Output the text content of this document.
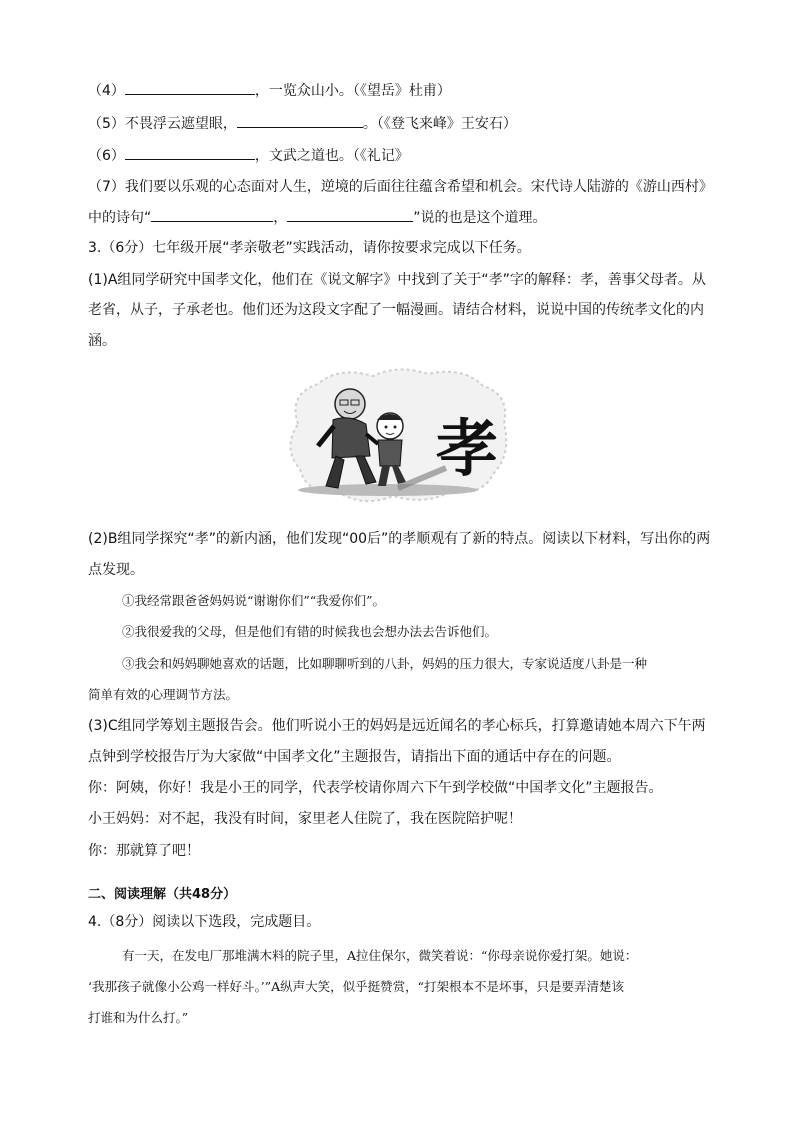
（4）	，一览众山小。（《望岳》杜甫）
（5）不畏浮云遮望眼，	。（《登飞来峰》王安石）
（6）	，文武之道也。（《礼记》
（7）我们要以乐观的心态面对人生，逆境的后面往往蕴含希望和机会。宋代诗人陆游的《游山西村》
中的诗句“	，	”说的也是这个道理。
3.（6分）七年级开展“孝亲敬老”实践活动，请你按要求完成以下任务。
(1)A组同学研究中国孝文化，他们在《说文解字》中找到了关于“孝”字的解释：孝，善事父母者。从
老省，从子，子承老也。他们还为这段文字配了一幅漫画。请结合材料，说说中国的传统孝文化的内
涵。
孝
(2)B组同学探究“孝”的新内涵，他们发现“00后”的孝顺观有了新的特点。阅读以下材料，写出你的两
点发现。
①我经常跟爸爸妈妈说“谢谢你们”“我爱你们”。
②我很爱我的父母，但是他们有错的时候我也会想办法去告诉他们。
③我会和妈妈聊她喜欢的话题，比如聊聊听到的八卦，妈妈的压力很大，专家说适度八卦是一种
简单有效的心理调节方法。
(3)C组同学筹划主题报告会。他们听说小王的妈妈是远近闻名的孝心标兵，打算邀请她本周六下午两
点钟到学校报告厅为大家做“中国孝文化”主题报告，请指出下面的通话中存在的问题。
你：阿姨，你好！我是小王的同学，代表学校请你周六下午到学校做“中国孝文化”主题报告。
小王妈妈：对不起，我没有时间，家里老人住院了，我在医院陪护呢！
你：那就算了吧！
二、阅读理解（共48分）
4.（8分）阅读以下选段，完成题目。
有一天，在发电厂那堆满木料的院子里，A拉住保尔，微笑着说：“你母亲说你爱打架。她说：
‘我那孩子就像小公鸡一样好斗。’”A纵声大笑，似乎挺赞赏，“打架根本不是坏事，只是要弄清楚该
打谁和为什么打。”
